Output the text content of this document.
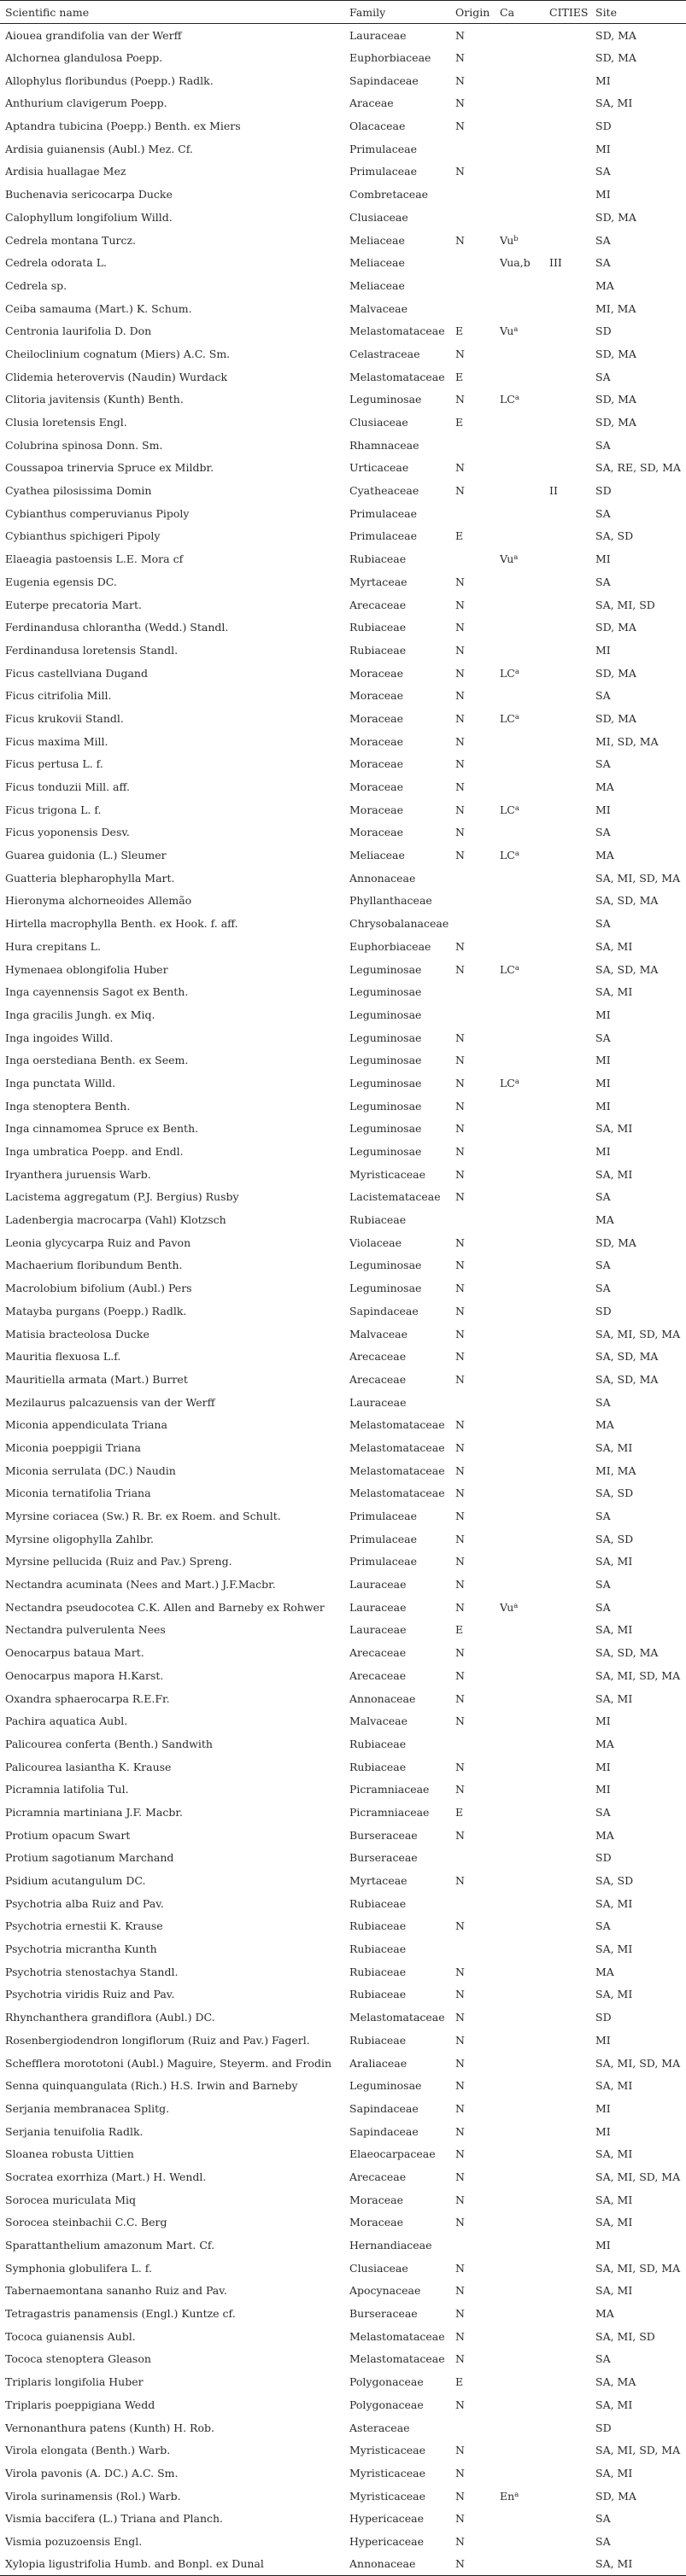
Scientific name	Family	Origin	Ca	CITIES	Site
Aiouea grandifolia van der Werff	Lauraceae	N			SD, MA
Alchornea glandulosa Poepp.	Euphorbiaceae	N			SD, MA
Allophylus floribundus (Poepp.) Radlk.	Sapindaceae	N			MI
Anthurium clavigerum Poepp.	Araceae	N			SA, MI
Aptandra tubicina (Poepp.) Benth. ex Miers	Olacaceae	N			SD
Ardisia guianensis (Aubl.) Mez. Cf.	Primulaceae				MI
Ardisia huallagae Mez	Primulaceae	N			SA
Buchenavia sericocarpa Ducke	Combretaceae				MI
Calophyllum longifolium Willd.	Clusiaceae				SD, MA
Cedrela montana Turcz.	Meliaceae	N	Vu$^b$		SA
Cedrela odorata L.	Meliaceae		Vua,b	III	SA
Cedrela sp.	Meliaceae				MA
Ceiba samauma (Mart.) K. Schum.	Malvaceae				MI, MA
Centronia laurifolia D. Don	Melastomataceae	E	Vu$^a$		SD
Cheiloclinium cognatum (Miers) A.C. Sm.	Celastraceae	N			SD, MA
Clidemia heterovervis (Naudin) Wurdack	Melastomataceae	E			SA
Clitoria javitensis (Kunth) Benth.	Leguminosae	N	$LC^a$		SD, MA
Clusia loretensis Engl.	Clusiaceae	E			SD, MA
Colubrina spinosa Donn. Sm.	Rhamnaceae				SA
Coussapoa trinervia Spruce ex Mildbr.	Urticaceae	N			SA, RE, SD, MA
Cyathea pilosissima Domin	Cyatheaceae	N		II	SD
Cybianthus comperuvianus Pipoly	Primulaceae				SA
Cybianthus spichigeri Pipoly	Primulaceae	E			SA, SD
Elaeagia pastoensis L.E. Mora cf	Rubiaceae		Vu$^a$		MI
Eugenia egensis DC.	Myrtaceae	N			SA
Euterpe precatoria Mart.	Arecaceae	N			SA, MI, SD
Ferdinandusa chlorantha (Wedd.) Standl.	Rubiaceae	N			SD, MA
Ferdinandusa loretensis Standl.	Rubiaceae	N			MI
Ficus castellviana Dugand	Moraceae	N	$LC^a$		SD, MA
Ficus citrifolia Mill.	Moraceae	N			SA
Ficus krukovii Standl.	Moraceae	N	$LC^a$		SD, MA
Ficus maxima Mill.	Moraceae	N			MI, SD, MA
Ficus pertusa L. f.	Moraceae	N			SA
Ficus tonduzii Mill. aff.	Moraceae	N			MA
Ficus trigona L. f.	Moraceae	N	$LC^a$		MI
Ficus yoponensis Desv.	Moraceae	N			SA
Guarea guidonia (L.) Sleumer	Meliaceae	N	$LC^a$		MA
Guatteria blepharophylla Mart.	Annonaceae				SA, MI, SD, MA
Hieronyma alchorneoides Allemão	Phyllanthaceae				SA, SD, MA
Hirtella macrophylla Benth. ex Hook. f. aff.	Chrysobalanaceae				SA
Hura crepitans L.	Euphorbiaceae	N			SA, MI
Hymenaea oblongifolia Huber	Leguminosae	N	$LC^a$		SA, SD, MA
Inga cayennensis Sagot ex Benth.	Leguminosae				SA, MI
Inga gracilis Jungh. ex Miq.	Leguminosae				MI
Inga ingoides Willd.	Leguminosae	N			SA
Inga oerstediana Benth. ex Seem.	Leguminosae	N			MI
Inga punctata Willd.	Leguminosae	N	$LC^a$		MI
Inga stenoptera Benth.	Leguminosae	N			MI
Inga cinnamomea Spruce ex Benth.	Leguminosae	N			SA, MI
Inga umbratica Poepp. and Endl.	Leguminosae	N			MI
Iryanthera juruensis Warb.	Myristicaceae	N			SA, MI
Lacistema aggregatum (P.J. Bergius) Rusby	Lacistemataceae	N			SA
Ladenbergia macrocarpa (Vahl) Klotzsch	Rubiaceae				MA
Leonia glycycarpa Ruiz and Pavon	Violaceae	N			SD, MA
Machaerium floribundum Benth.	Leguminosae	N			SA
Macrolobium bifolium (Aubl.) Pers	Leguminosae	N			SA
Matayba purgans (Poepp.) Radlk.	Sapindaceae	N			SD
Matisia bracteolosa Ducke	Malvaceae	N			SA, MI, SD, MA
Mauritia flexuosa L.f.	Arecaceae	N			SA, SD, MA
Mauritiella armata (Mart.) Burret	Arecaceae	N			SA, SD, MA
Mezilaurus palcazuensis van der Werff	Lauraceae				SA
Miconia appendiculata Triana	Melastomataceae	N			MA
Miconia poeppigii Triana	Melastomataceae	N			SA, MI
Miconia serrulata (DC.) Naudin	Melastomataceae	N			MI, MA
Miconia ternatifolia Triana	Melastomataceae	N			SA, SD
Myrsine coriacea (Sw.) R. Br. ex Roem. and Schult.	Primulaceae	N			SA
Myrsine oligophylla Zahlbr.	Primulaceae	N			SA, SD
Myrsine pellucida (Ruiz and Pav.) Spreng.	Primulaceae	N			SA, MI
Nectandra acuminata (Nees and Mart.) J.F.Macbr.	Lauraceae	N			SA
Nectandra pseudocotea C.K. Allen and Barneby ex Rohwer	Lauraceae	N	Vu$^a$		SA
Nectandra pulverulenta Nees	Lauraceae	E			SA, MI
Oenocarpus bataua Mart.	Arecaceae	N			SA, SD, MA
Oenocarpus mapora H.Karst.	Arecaceae	N			SA, MI, SD, MA
Oxandra sphaerocarpa R.E.Fr.	Annonaceae	N			SA, MI
Pachira aquatica Aubl.	Malvaceae	N			MI
Palicourea conferta (Benth.) Sandwith	Rubiaceae				MA
Palicourea lasiantha K. Krause	Rubiaceae	N			MI
Picramnia latifolia Tul.	Picramniaceae	N			MI
Picramnia martiniana J.F. Macbr.	Picramniaceae	E			SA
Protium opacum Swart	Burseraceae	N			MA
Protium sagotianum Marchand	Burseraceae				SD
Psidium acutangulum DC.	Myrtaceae	N			SA, SD
Psychotria alba Ruiz and Pav.	Rubiaceae				SA, MI
Psychotria ernestii K. Krause	Rubiaceae	N			SA
Psychotria micrantha Kunth	Rubiaceae				SA, MI
Psychotria stenostachya Standl.	Rubiaceae	N			MA
Psychotria viridis Ruiz and Pav.	Rubiaceae	N			SA, MI
Rhynchanthera grandiflora (Aubl.) DC.	Melastomataceae	N			SD
Rosenbergiodendron longiflorum (Ruiz and Pav.) Fagerl.	Rubiaceae	N			MI
Schefflera morototoni (Aubl.) Maguire, Steyerm. and Frodin	Araliaceae	N			SA, MI, SD, MA
Senna quinquangulata (Rich.) H.S. Irwin and Barneby	Leguminosae	N			SA, MI
Serjania membranacea Splitg.	Sapindaceae	N			MI
Serjania tenuifolia Radlk.	Sapindaceae	N			MI
Sloanea robusta Uittien	Elaeocarpaceae	N			SA, MI
Socratea exorrhiza (Mart.) H. Wendl.	Arecaceae	N			SA, MI, SD, MA
Sorocea muriculata Miq	Moraceae	N			SA, MI
Sorocea steinbachii C.C. Berg	Moraceae	N			SA, MI
Sparattanthelium amazonum Mart. Cf.	Hernandiaceae				MI
Symphonia globulifera L. f.	Clusiaceae	N			SA, MI, SD, MA
Tabernaemontana sananho Ruiz and Pav.	Apocynaceae	N			SA, MI
Tetragastris panamensis (Engl.) Kuntze cf.	Burseraceae	N			MA
Tococa guianensis Aubl.	Melastomataceae	N			SA, MI, SD
Tococa stenoptera Gleason	Melastomataceae	N			SA
Triplaris longifolia Huber	Polygonaceae	E			SA, MA
Triplaris poeppigiana Wedd	Polygonaceae	N			SA, MI
Vernonanthura patens (Kunth) H. Rob.	Asteraceae				SD
Virola elongata (Benth.) Warb.	Myristicaceae	N			SA, MI, SD, MA
Virola pavonis (A. DC.) A.C. Sm.	Myristicaceae	N			SA, MI
Virola surinamensis (Rol.) Warb.	Myristicaceae	N	En$^a$		SD, MA
Vismia baccifera (L.) Triana and Planch.	Hypericaceae	N			SA
Vismia pozuzoensis Engl.	Hypericaceae	N			SA
Xylopia ligustrifolia Humb. and Bonpl. ex Dunal	Annonaceae	N			SA, MI
